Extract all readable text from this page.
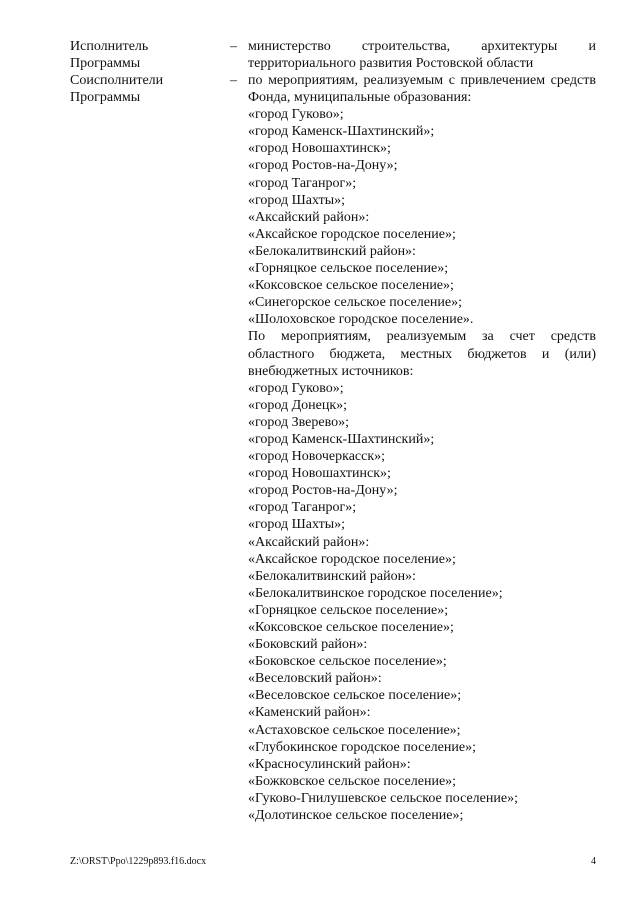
Исполнитель Программы
– министерство строительства, архитектуры и территориального развития Ростовской области
Соисполнители Программы
– по мероприятиям, реализуемым с привлечением средств Фонда, муниципальные образования:
«город Гуково»;
«город Каменск-Шахтинский»;
«город Новошахтинск»;
«город Ростов-на-Дону»;
«город Таганрог»;
«город Шахты»;
«Аксайский район»:
«Аксайское городское поселение»;
«Белокалитвинский район»:
«Горняцкое сельское поселение»;
«Коксовское сельское поселение»;
«Синегорское сельское поселение»;
«Шолоховское городское поселение».
По мероприятиям, реализуемым за счет средств областного бюджета, местных бюджетов и (или) внебюджетных источников:
«город Гуково»;
«город Донецк»;
«город Зверево»;
«город Каменск-Шахтинский»;
«город Новочеркасск»;
«город Новошахтинск»;
«город Ростов-на-Дону»;
«город Таганрог»;
«город Шахты»;
«Аксайский район»:
«Аксайское городское поселение»;
«Белокалитвинский район»:
«Белокалитвинское городское поселение»;
«Горняцкое сельское поселение»;
«Коксовское сельское поселение»;
«Боковский район»:
«Боковское сельское поселение»;
«Веселовский район»:
«Веселовское сельское поселение»;
«Каменский район»:
«Астаховское сельское поселение»;
«Глубокинское городское поселение»;
«Красносулинский район»:
«Божковское сельское поселение»;
«Гуково-Гнилушевское сельское поселение»;
«Долотинское сельское поселение»;
Z:\ORST\Ppo\1229p893.f16.docx	4
